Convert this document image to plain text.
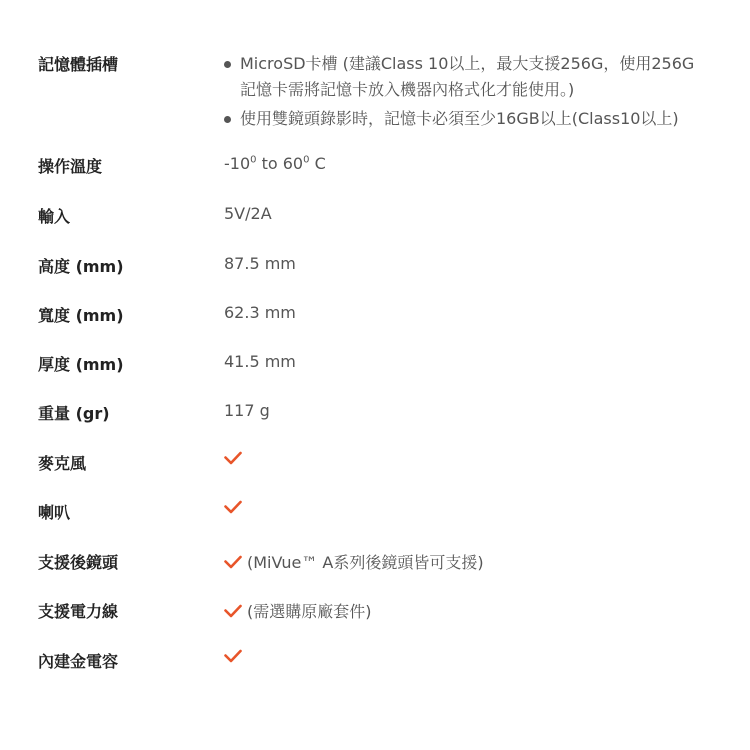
記憶體插槽	MicroSD卡槽 (建議Class 10以上，最大支援256G，使用256G
記憶卡需將記憶卡放入機器內格式化才能使用。)
使用雙鏡頭錄影時，記憶卡必須至少16GB以上(Class10以上)
操作溫度	$-10^0$ to $60^0$ C
輸入	5V/2A
高度 (mm)	87.5 mm
寬度 (mm)	62.3 mm
厚度 (mm)	41.5 mm
重量 (gr)	117 g
麥克風
喇叭
支援後鏡頭	(MiVue™ A系列後鏡頭皆可支援)
支援電力線	(需選購原廠套件)
內建金電容
